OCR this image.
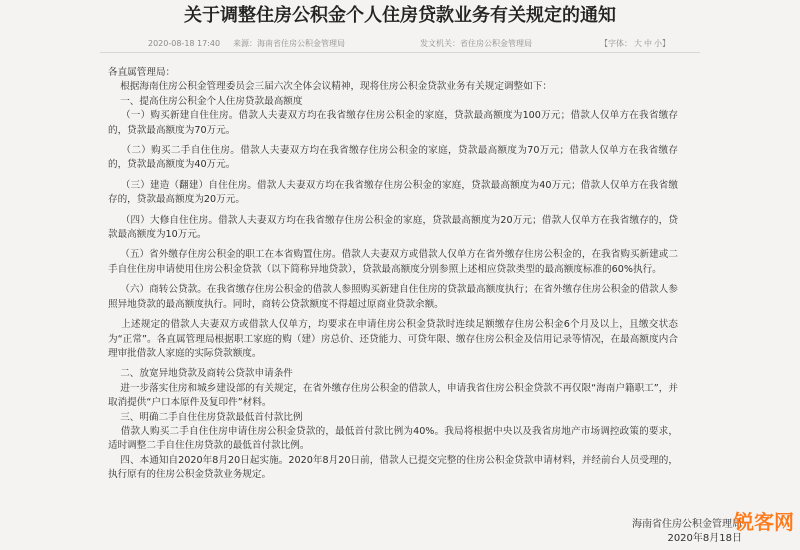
关于调整住房公积金个人住房贷款业务有关规定的通知
2020-08-18 17:40 来源：海南省住房公积金管理局	发文机关：省住房公积金管理局	【字体： 大 中 小】

各直属管理局：

根据海南住房公积金管理委员会三届六次全体会议精神，现将住房公积金贷款业务有关规定调整如下：

一、提高住房公积金个人住房贷款最高额度

（一）购买新建自住住房。借款人夫妻双方均在我省缴存住房公积金的家庭，贷款最高额度为100万元；借款人仅单方在我省缴存的，贷款最高额度为70万元。

（二）购买二手自住住房。借款人夫妻双方均在我省缴存住房公积金的家庭，贷款最高额度为70万元；借款人仅单方在我省缴存的，贷款最高额度为40万元。

（三）建造（翻建）自住住房。借款人夫妻双方均在我省缴存住房公积金的家庭，贷款最高额度为40万元；借款人仅单方在我省缴存的，贷款最高额度为20万元。

（四）大修自住住房。借款人夫妻双方均在我省缴存住房公积金的家庭，贷款最高额度为20万元；借款人仅单方在我省缴存的，贷款最高额度为10万元。

（五）省外缴存住房公积金的职工在本省购置住房。借款人夫妻双方或借款人仅单方在省外缴存住房公积金的，在我省购买新建或二手自住住房申请使用住房公积金贷款（以下简称异地贷款），贷款最高额度分别参照上述相应贷款类型的最高额度标准的60%执行。

（六）商转公贷款。在我省缴存住房公积金的借款人参照购买新建自住住房的贷款最高额度执行；在省外缴存住房公积金的借款人参照异地贷款的最高额度执行。同时，商转公贷款额度不得超过原商业贷款余额。

上述规定的借款人夫妻双方或借款人仅单方，均要求在申请住房公积金贷款时连续足额缴存住房公积金6个月及以上，且缴交状态为“正常”。各直属管理局根据职工家庭的购（建）房总价、还贷能力、可贷年限、缴存住房公积金及信用记录等情况，在最高额度内合理审批借款人家庭的实际贷款额度。

二、放宽异地贷款及商转公贷款申请条件

进一步落实住房和城乡建设部的有关规定，在省外缴存住房公积金的借款人，申请我省住房公积金贷款不再仅限“海南户籍职工”，并取消提供“户口本原件及复印件”材料。

三、明确二手自住住房贷款最低首付款比例

借款人购买二手自住住房申请住房公积金贷款的，最低首付款比例为40%。我局将根据中央以及我省房地产市场调控政策的要求，适时调整二手自住住房贷款的最低首付款比例。

四、本通知自2020年8月20日起实施。2020年8月20日前，借款人已提交完整的住房公积金贷款申请材料，并经前台人员受理的，执行原有的住房公积金贷款业务规定。

海南省住房公积金管理局
2020年8月18日
锐客网
